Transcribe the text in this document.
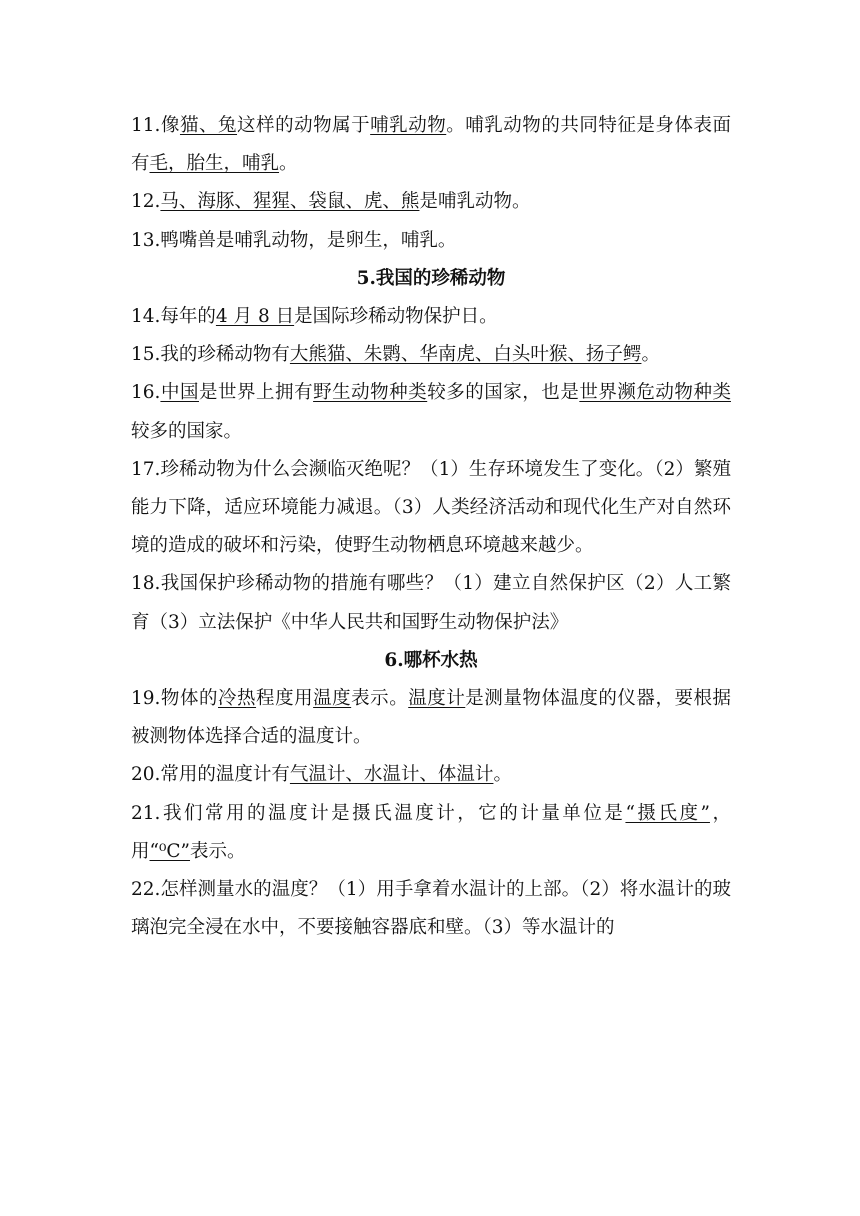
11.像猫、兔这样的动物属于哺乳动物。哺乳动物的共同特征是身体表面有毛，胎生，哺乳。

12.马、海豚、猩猩、袋鼠、虎、熊是哺乳动物。

13.鸭嘴兽是哺乳动物，是卵生，哺乳。

5.我国的珍稀动物

14.每年的4 月 8 日是国际珍稀动物保护日。

15.我的珍稀动物有大熊猫、朱鹮、华南虎、白头叶猴、扬子鳄。

16.中国是世界上拥有野生动物种类较多的国家，也是世界濒危动物种类较多的国家。

17.珍稀动物为什么会濒临灭绝呢？（1）生存环境发生了变化。（2）繁殖能力下降，适应环境能力减退。（3）人类经济活动和现代化生产对自然环境的造成的破坏和污染，使野生动物栖息环境越来越少。

18.我国保护珍稀动物的措施有哪些？（1）建立自然保护区（2）人工繁育（3）立法保护《中华人民共和国野生动物保护法》

6.哪杯水热

19.物体的冷热程度用温度表示。温度计是测量物体温度的仪器，要根据被测物体选择合适的温度计。

20.常用的温度计有气温计、水温计、体温计。

21.我们常用的温度计是摄氏温度计，它的计量单位是“摄氏度”，用“⁰C”表示。

22.怎样测量水的温度？（1）用手拿着水温计的上部。（2）将水温计的玻璃泡完全浸在水中，不要接触容器底和壁。（3）等水温计的
